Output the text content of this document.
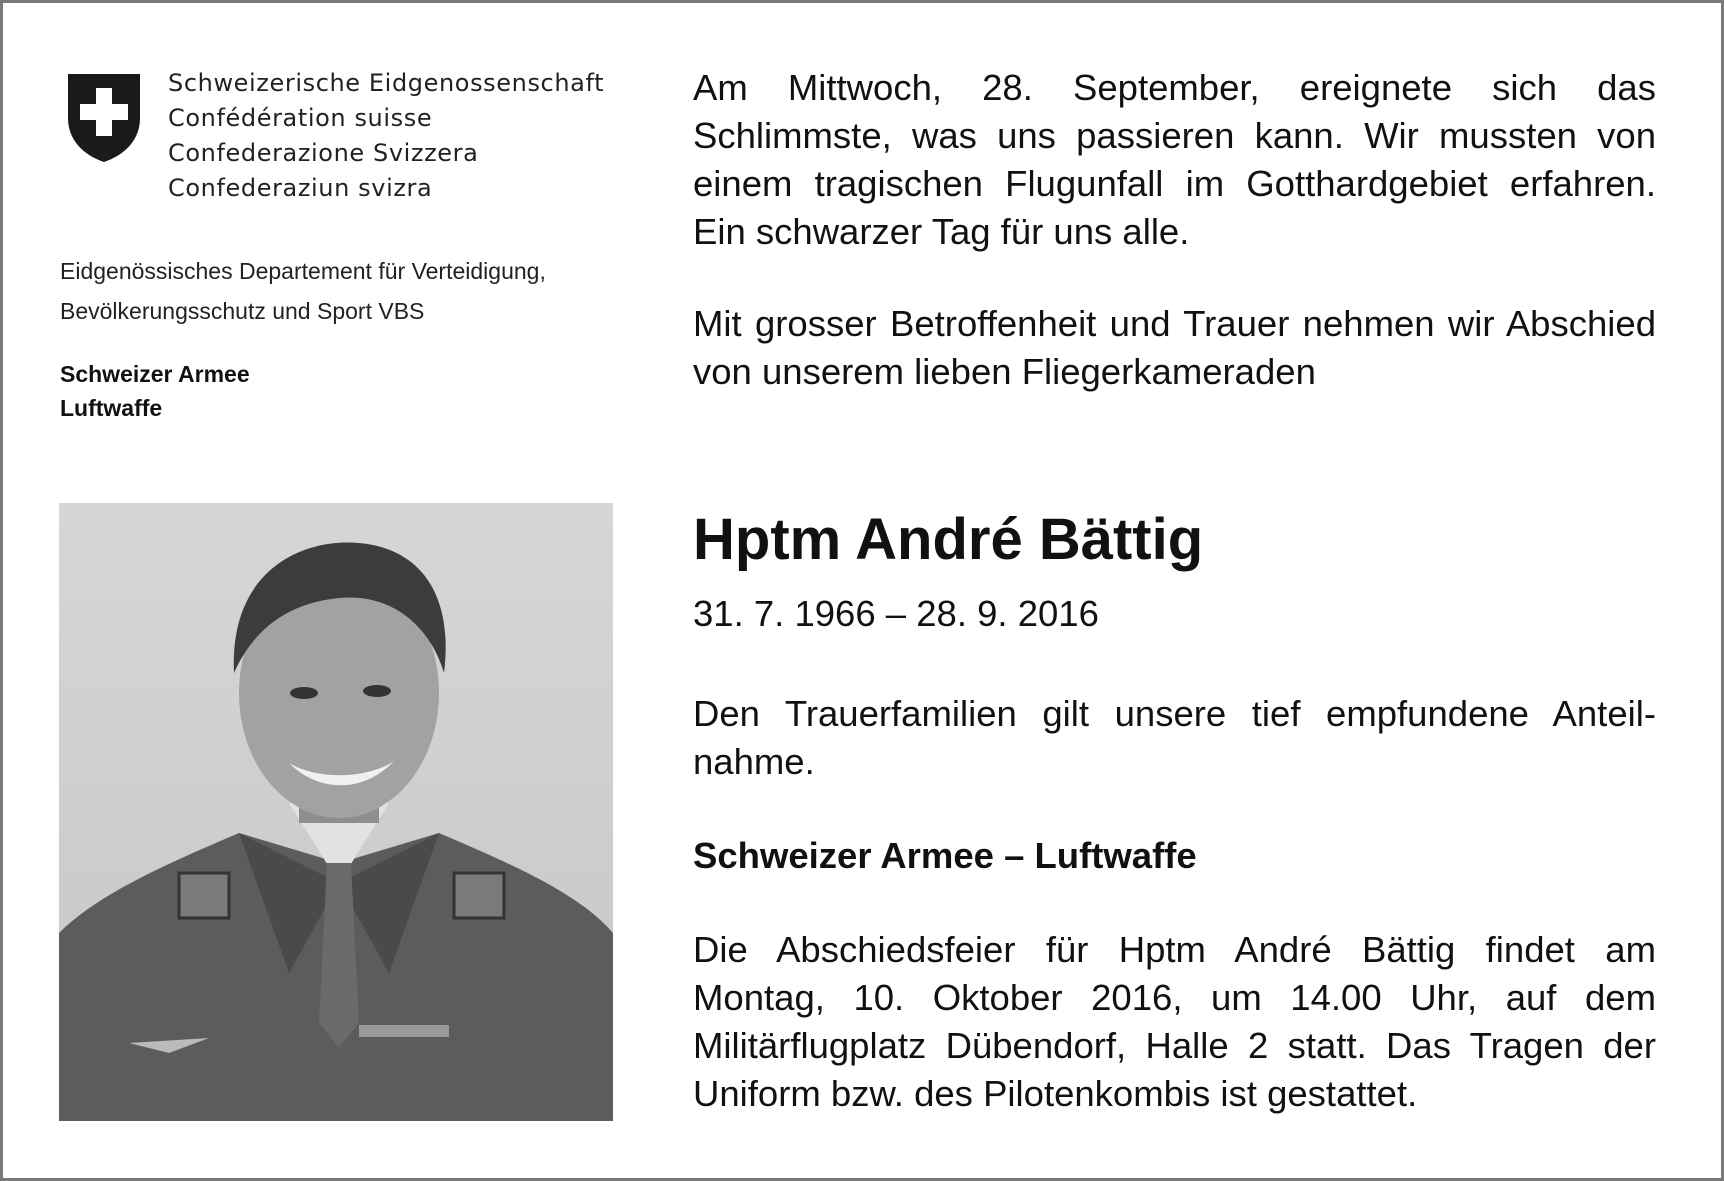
Schweizerische Eidgenossenschaft
Confédération suisse
Confederazione Svizzera
Confederaziun svizra
Eidgenössisches Departement für Verteidigung,
Bevölkerungsschutz und Sport VBS
Schweizer Armee
Luftwaffe

Am Mittwoch, 28. September, ereignete sich das Schlimmste, was uns passieren kann. Wir mussten von einem tragischen Flugunfall im Gotthardgebiet erfahren. Ein schwarzer Tag für uns alle.

Mit grosser Betroffenheit und Trauer nehmen wir Abschied von unserem lieben Fliegerkameraden

Hptm André Bättig
31. 7. 1966 – 28. 9. 2016

Den Trauerfamilien gilt unsere tief empfundene Anteil-nahme.

Schweizer Armee – Luftwaffe

Die Abschiedsfeier für Hptm André Bättig findet am Montag, 10. Oktober 2016, um 14.00 Uhr, auf dem Militärflugplatz Dübendorf, Halle 2 statt. Das Tragen der Uniform bzw. des Pilotenkombis ist gestattet.
